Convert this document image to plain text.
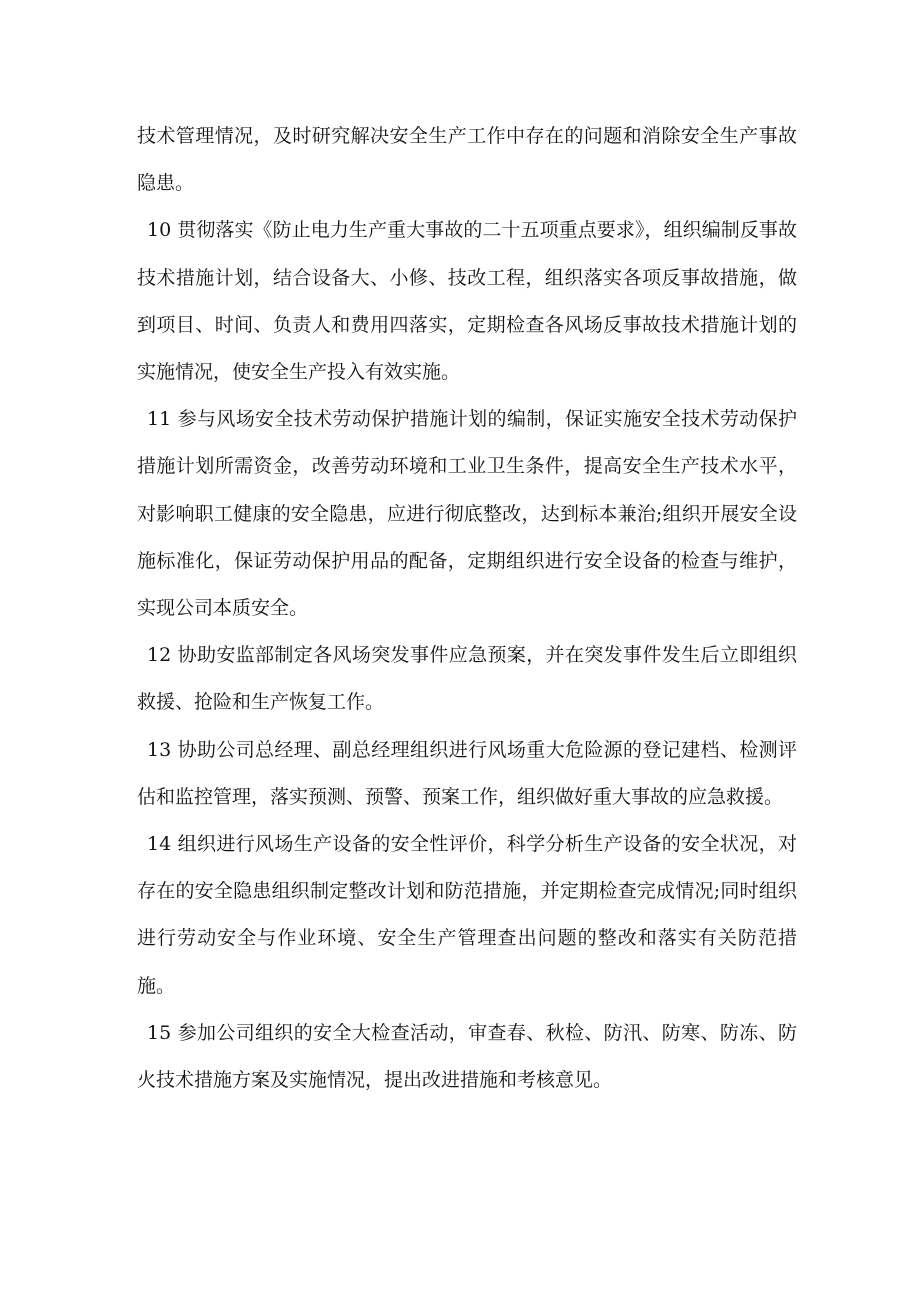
技术管理情况，及时研究解决安全生产工作中存在的问题和消除安全生产事故隐患。

10 贯彻落实《防止电力生产重大事故的二十五项重点要求》，组织编制反事故技术措施计划，结合设备大、小修、技改工程，组织落实各项反事故措施，做到项目、时间、负责人和费用四落实，定期检查各风场反事故技术措施计划的实施情况，使安全生产投入有效实施。

11 参与风场安全技术劳动保护措施计划的编制，保证实施安全技术劳动保护措施计划所需资金，改善劳动环境和工业卫生条件，提高安全生产技术水平，对影响职工健康的安全隐患，应进行彻底整改，达到标本兼治;组织开展安全设施标准化，保证劳动保护用品的配备，定期组织进行安全设备的检查与维护，实现公司本质安全。

12 协助安监部制定各风场突发事件应急预案，并在突发事件发生后立即组织救援、抢险和生产恢复工作。

13 协助公司总经理、副总经理组织进行风场重大危险源的登记建档、检测评估和监控管理，落实预测、预警、预案工作，组织做好重大事故的应急救援。

14 组织进行风场生产设备的安全性评价，科学分析生产设备的安全状况，对存在的安全隐患组织制定整改计划和防范措施，并定期检查完成情况;同时组织进行劳动安全与作业环境、安全生产管理查出问题的整改和落实有关防范措施。

15 参加公司组织的安全大检查活动，审查春、秋检、防汛、防寒、防冻、防火技术措施方案及实施情况，提出改进措施和考核意见。
